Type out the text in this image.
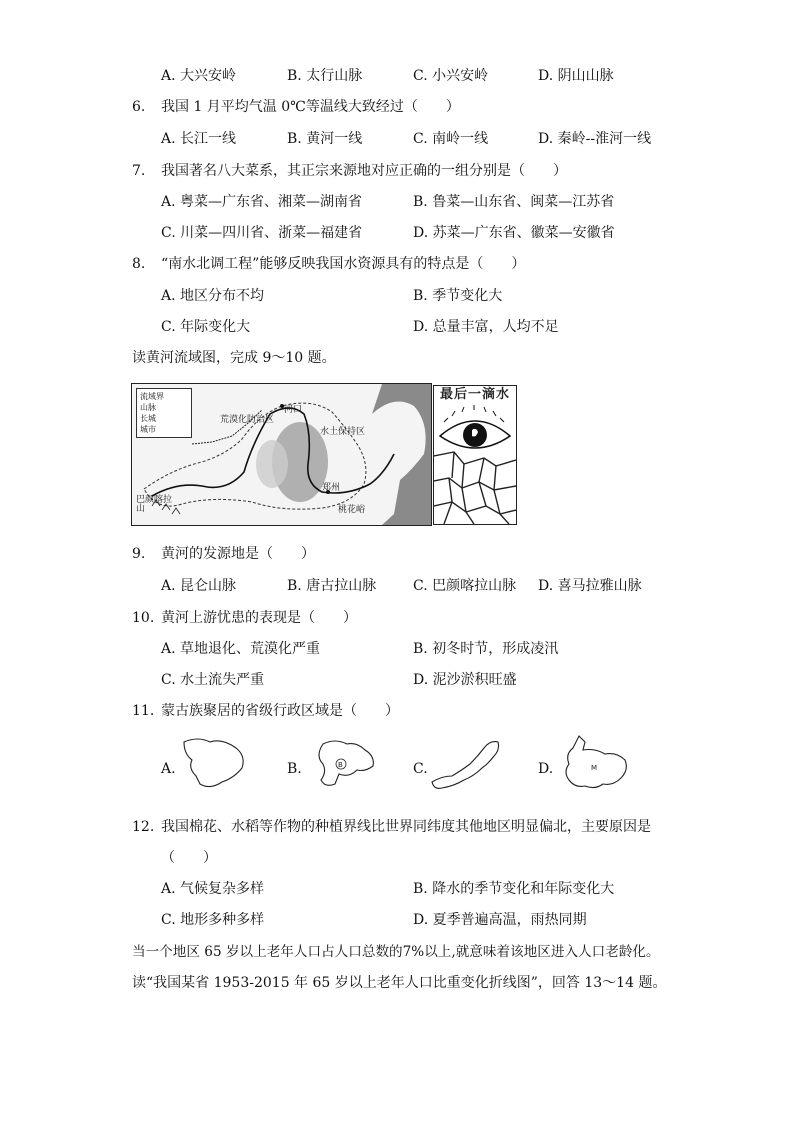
A. 大兴安岭	B. 太行山脉	C. 小兴安岭	D. 阴山山脉
6. 我国 1 月平均气温 0℃等温线大致经过（　　）
A. 长江一线	B. 黄河一线	C. 南岭一线	D. 秦岭--淮河一线
7. 我国著名八大菜系，其正宗来源地对应正确的一组分别是（　　）
A. 粤菜—广东省、湘菜—湖南省	B. 鲁菜—山东省、闽菜—江苏省
C. 川菜—四川省、浙菜—福建省	D. 苏菜—广东省、徽菜—安徽省
8. “南水北调工程”能够反映我国水资源具有的特点是（　　）
A. 地区分布不均	B. 季节变化大
C. 年际变化大	D. 总量丰富，人均不足
读黄河流域图，完成 9～10 题。
流域界
山脉
长城
城市
荒漠化防治区
河口
水土保持区
巴颜喀拉山	桃花峪
郑州
最后一滴水
9. 黄河的发源地是（　　）
A. 昆仑山脉	B. 唐古拉山脉	C. 巴颜喀拉山脉 D. 喜马拉雅山脉
10. 黄河上游忧患的表现是（　　）
A. 草地退化、荒漠化严重	B. 初冬时节，形成凌汛
C. 水土流失严重	D. 泥沙淤积旺盛
11. 蒙古族聚居的省级行政区域是（　　）
A.	B.	B	C.	D.	M
12. 我国棉花、水稻等作物的种植界线比世界同纬度其他地区明显偏北，主要原因是
（　　）
A. 气候复杂多样	B. 降水的季节变化和年际变化大
C. 地形多种多样	D. 夏季普遍高温，雨热同期
当一个地区 65 岁以上老年人口占人口总数的7%以上,就意味着该地区进入人口老龄化。
读“我国某省 1953-2015 年 65 岁以上老年人口比重变化折线图”，回答 13～14 题。
